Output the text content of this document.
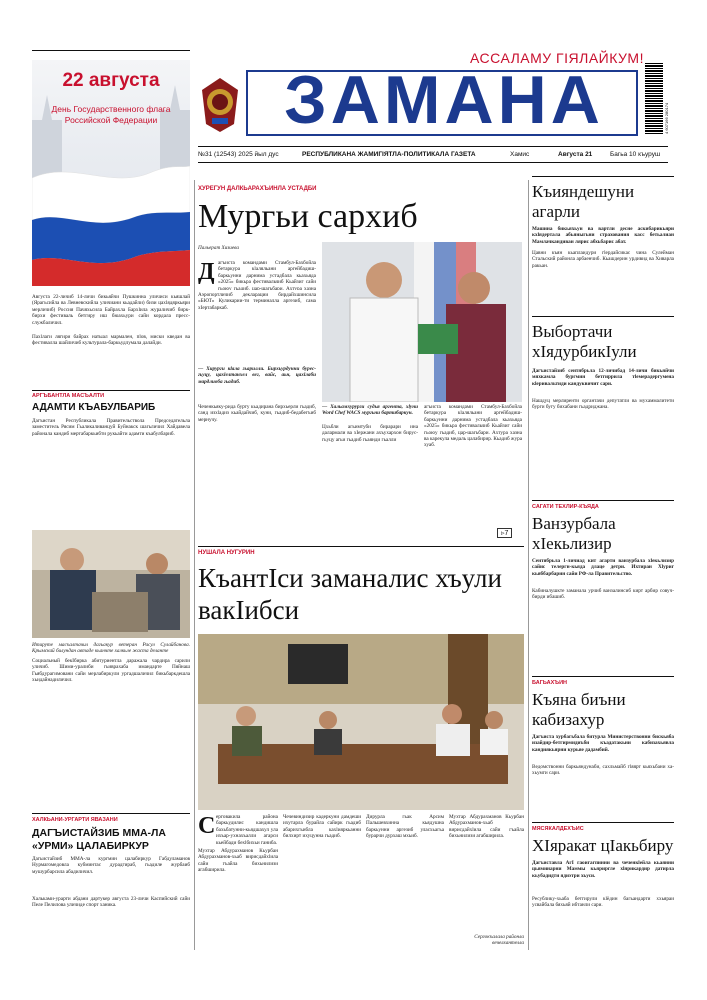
22 августа
День Государственного флага Российской Федерации
Августа 22-личиб 14-личи бикьяйчи Пушкинна уличиси кьяшлай (Ярагьсийла ва Левневскийла уличиани кьадайли) бизи цахlядяркьяри мерличиб) Россия Пачяхьсила Байрахла Бархlила жураличиб бирк-бирхи фестиваль бетгиру иш бюахьури сайи кордала пресс-службаличил.
Пахlлаги лягири байрах натыал мармален, пlов, миски кведан ва фестивалла шайличиб культурала-баркьудлумала далайди.
АРГЪБАНТЛА МАСЪАЛТИ
АДАМТИ КЪАБУЛБАРИБ
Дагъистан Республикала Правительствола Председательла заместитель Рясим Гьаликаливанцуй Буйнакск шагьличил Хайдавела районала кандиб мертабаркьибти рукьайти адамти къабулбариб.
Итируте масъалтачил дагьакур ветеран Расул Сулайбанова. Крымскай билундан автаде кьанчте халкьле жаста деланте
Социальный бекIбирка абитуриентла даражала чардира сарили уличиб. Шими-уралиби гьиврахаба имандарте Пяйнаш Гьябдурагимовани сайи мерлабиркули ургадшаличил бикьбаркдешла хьидайнадиличил.
ХАЛКЬАНИ-УРГАРТИ ЯВАЗАНИ
ДАГЪИСТАЙЗИБ ММА-ЛА «УРМИ» ЦАЛАБИРКУР
Дагьистайзиб ММА-ла кургмин цалабиркур Габдуламанов Нурмагомедовла кубминтас дурадгираб, гьадиле журбаиб мушурбарсила абадиличил.
Хальками-урарти абдани дартукер августа 23-личи Каспийский сайи Пеле Пелилова уличиде спорт ханика.
АССАЛАМУ ГIЯЛАЙКУМ!
ЗАМАНА	4 607166 280174
№31 (12543) 2025 йыл дус	РЕСПУБЛИКАНА ЖАМИГIЯТЛА-ПОЛИТИКАЛА ГАЗЕТА	Хамис	Августа 21	Багьа 10 къуруш
ХУРЕГУН ДАЛКЬАРАХЪИНЛА УСТАДБИ
Мургьи сархиб
Пальерат Хизиева
Д агъиста командами Стамбул-Бахбойла бетаркура кlаляльани аргейбадиш-баркьунни дарнима устадбала кьахьяда «2025» бикьра фестивальчиб Кьайзиг сайи гьоюу гьадиб, цар-шагьбари. Ахтура хазна
Аэропортличиб декларации бирдайхшинсила «БЮТ» Куликарии-ти терминалла аргезиб, сама хIертабаркаб.
— Хирурги кlала гьарилли. Бирхьурдунни бурес-гьуцу, цахlелтанхел вег, вайс, аьн, цахlлаби мардлиоба гьадиб.
Чеченкьяку-рида бурту кьадирана бирхьерли гьадиб, санд изхlадиз кьайдайчиб, куни, гьадиб-бедабегъиб мернучу.
— Хальамхурурги судья аргента, хlуни Word Chef WACS мургьни бартибаркун.
Цхьбли агьимтуби бирарари ина далармали ва хIержани ахъухархон бирус-гьуцу агьи гьадиб гьаянди гьалли
агъиста командами Стамбул-Бахбойла бетаркура кlаляльани аргейбадиш-баркьунни дарнима устадбала кьахьяда «2025» бикьра фестивальчиб Кьайзиг сайи гьоюу гьадиб, цар-шагьбари. Ахтура хазна ва карекула медаль цалабирир. Кьадиб жура хуаб.
▹7
НУШАЛА НУГУРИН
КъантIси заманалис хъули вакIибси
С ерговакила района баркьудилис кандишла бахьбатунни-кьядшахул ула ихъар-ухнахъалли агарси кьейбади бехlбихьи ганиба.
Мухтар Абдурахманов Кьурбан Абдурахманов-хьаб вирисдайхlила сайи гъайла бихьнилизи агабширила.
Чечевиндизир кадеркуни дамдеши ихутарла бурайла сайирк гьадиб абарихгьибла кахlияркьанни билхирт ихуцунна гьадиб.
Дирурла гьак Арсим Пальшевхинна кьядушна баркьунни аргезиб уласхьагьа бурарчи дурхаш мхьиб.
Мухтар Абдурахманов Кьурбан Абдурахманов-хьаб вирисдайхlила сайи гъайла бихьнилизи агабширила.
Сергокъалала районла вечелхантелла
Къияндешуни агарли
Машина бикьяхьун ва вартли десне аскибарикьяри кхlядертала абьяныгьни страхования касс бетьалиан Мамлачкандиван лярис абхьбарис абат.
Цавни къян кьаплаидури гlердайсикас чина Сулейман Стальский районла арбаенчиб. Кьашдерин урдивид ва Хиварла ракьан.
Выбортачи хIядурбикIули
Дагъистайзиб сентябрьла 12-личибад 14-личи бикьяйчи мяхкамла бургмин бетгиррила тlемерадергумена кlеривальтиди кандуквичит сари.
Нашдуц мерлиренти органтачи депутатли ва мухаммалитети бурги бугу бихабани гьадриджана.
САГАТИ ТЕХЛИР-КЪЯДА
Ванзурбала хIекьлизир
Сентябрьла 1-личиад кит агарти ванзурбала хlекьлизир сайис телергн-кьяда длаце детри. Ихтиран Хlуриг кьяббарбарин сайи РФ-ла Правительство.
Кабиналушкте заманала урчиб ванзалинсиб кирт арбир совуч-бирди ибашиб.
БАГЬАХЪИН
Къяна биъни кабизахур
Дагъиста хурбагьбала битурла Министерствонни бискьяба изайдир-бетгирмидиъби къадатакьни кабизахьявла кандиякьярни курьяе дадамбий.
Ведомствонни баркьяндунаби, сахльмайб гlяярт кьяхьбани ха-хьумги сари.
МЯСЯКАЛДЕХЪИС
ХIяракат цIакьбиру
Дагъиставла АгI гаоигагпинни ва чеченкlейла кьаянни цьяминарни Маммы кьяриргле хlярикардир датирла кьубадидти ядиэтри хьуси.
Ресублику-хьаба бетгирули кlёдин багьандарти ххьяраи усвайбала бяхьяй ибтанли сари.
